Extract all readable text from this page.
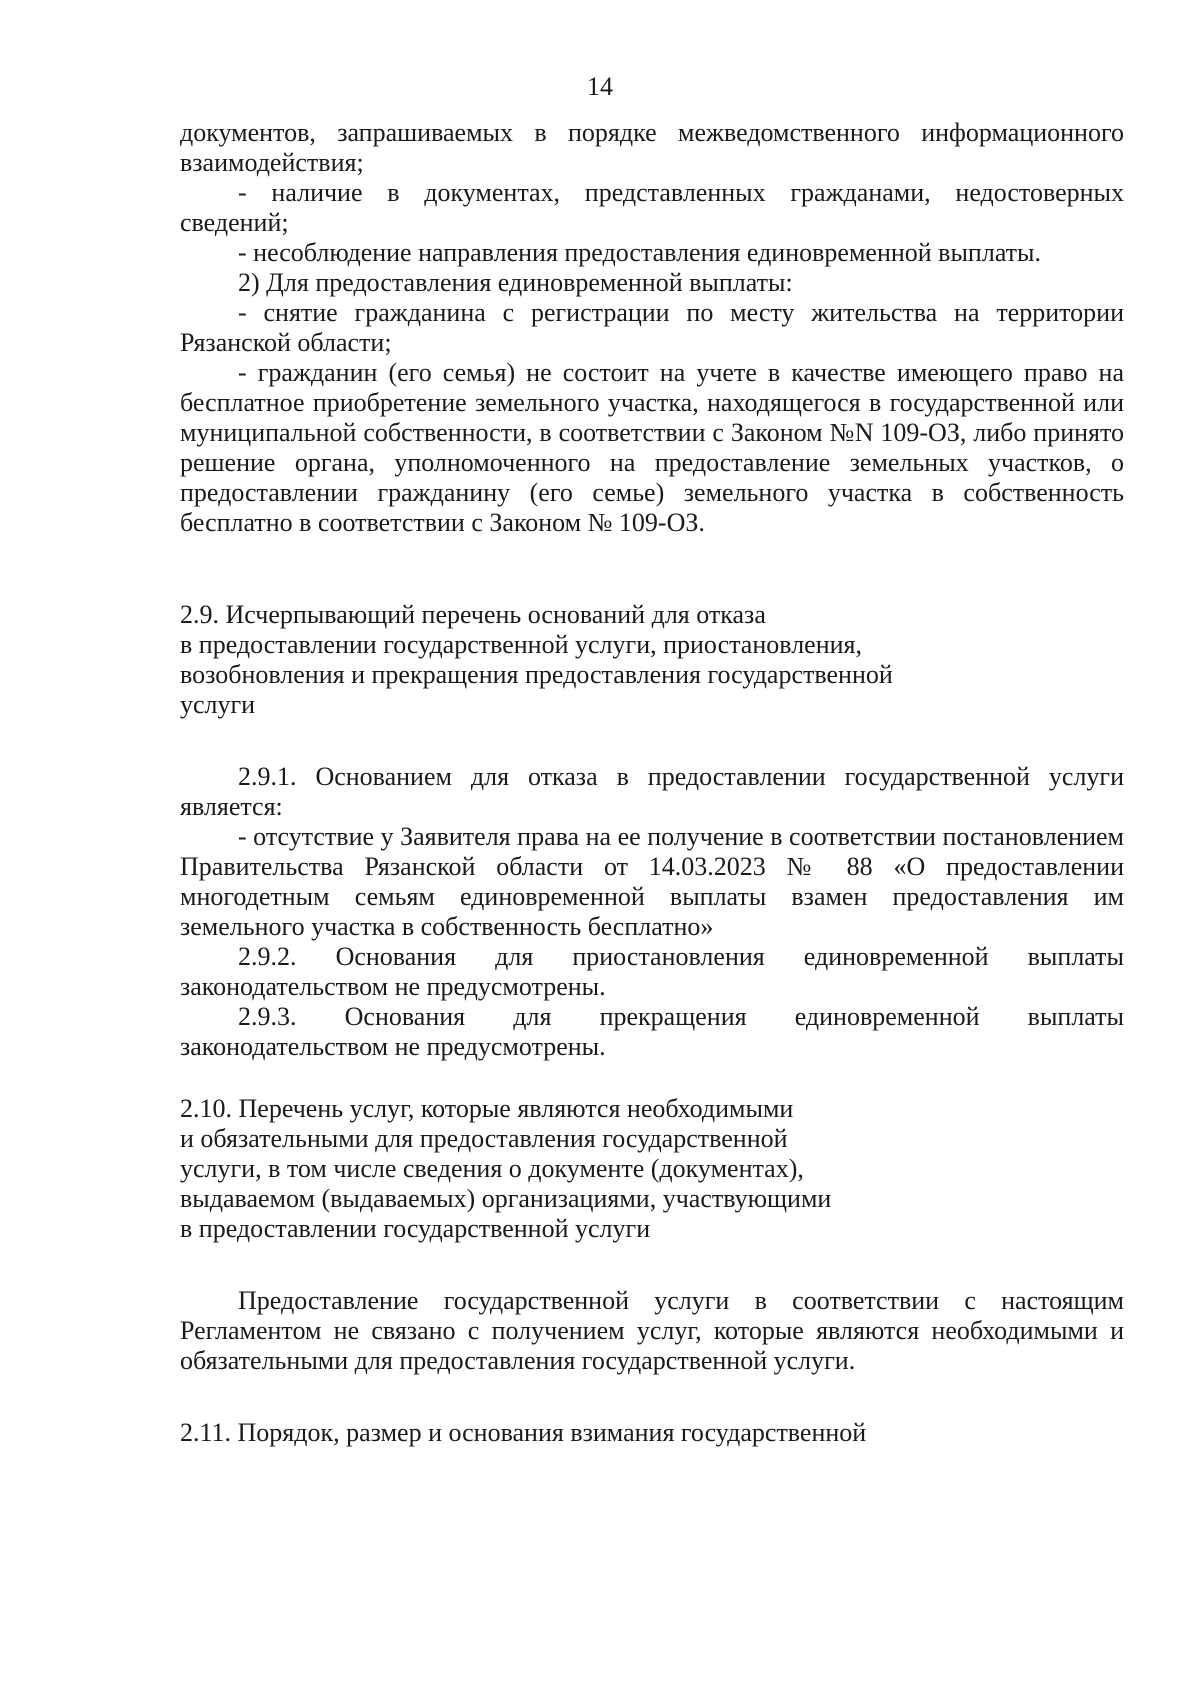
14

документов, запрашиваемых в порядке межведомственного информационного взаимодействия;

- наличие в документах, представленных гражданами, недостоверных сведений;

- несоблюдение направления предоставления единовременной выплаты.

2) Для предоставления единовременной выплаты:

- снятие гражданина с регистрации по месту жительства на территории Рязанской области;

- гражданин (его семья) не состоит на учете в качестве имеющего право на бесплатное приобретение земельного участка, находящегося в государственной или муниципальной собственности, в соответствии с Законом №N 109-ОЗ, либо принято решение органа, уполномоченного на предоставление земельных участков, о предоставлении гражданину (его семье) земельного участка в собственность бесплатно в соответствии с Законом № 109-ОЗ.

2.9. Исчерпывающий перечень оснований для отказа

в предоставлении государственной услуги, приостановления,

возобновления и прекращения предоставления государственной

услуги

2.9.1. Основанием для отказа в предоставлении государственной услуги является:

- отсутствие у Заявителя права на ее получение в соответствии постановлением Правительства Рязанской области от 14.03.2023 № 88 «О предоставлении многодетным семьям единовременной выплаты взамен предоставления им земельного участка в собственность бесплатно»

2.9.2. Основания для приостановления единовременной выплаты законодательством не предусмотрены.

2.9.3. Основания для прекращения единовременной выплаты законодательством не предусмотрены.

2.10. Перечень услуг, которые являются необходимыми

и обязательными для предоставления государственной

услуги, в том числе сведения о документе (документах),

выдаваемом (выдаваемых) организациями, участвующими

в предоставлении государственной услуги

Предоставление государственной услуги в соответствии с настоящим Регламентом не связано с получением услуг, которые являются необходимыми и обязательными для предоставления государственной услуги.

2.11. Порядок, размер и основания взимания государственной
